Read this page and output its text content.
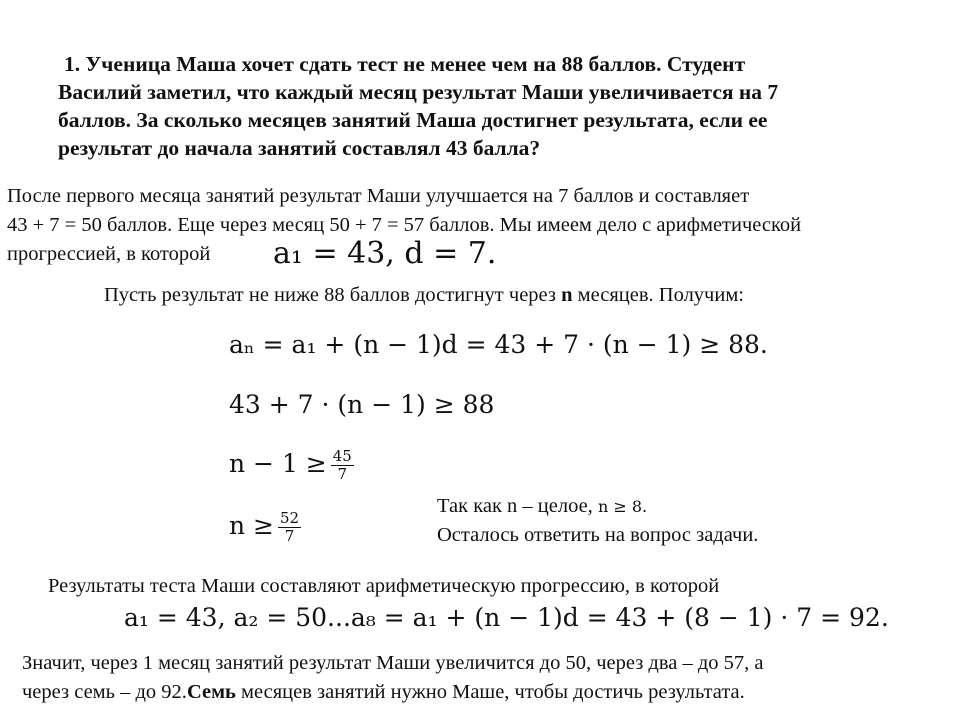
1. Ученица Маша хочет сдать тест не менее чем на 88 баллов. Студент
Василий заметил, что каждый месяц результат Маши увеличивается на 7
баллов. За сколько месяцев занятий Маша достигнет результата, если ее
результат до начала занятий составлял 43 балла?
После первого месяца занятий результат Маши улучшается на 7 баллов и составляет
43 + 7 = 50 баллов. Еще через месяц 50 + 7 = 57 баллов. Мы имеем дело с арифметической
прогрессией, в которой a₁ = 43, d = 7.
Пусть результат не ниже 88 баллов достигнут через n месяцев. Получим:
aₙ = a₁ + (n − 1)d = 43 + 7 · (n − 1) ≥ 88.
43 + 7 · (n − 1) ≥ 88
$n - 1 \ge \frac{45}{7}$
$n \ge \frac{52}{7}$
Так как n – целое, n ≥ 8.
Осталось ответить на вопрос задачи.
Результаты теста Маши составляют арифметическую прогрессию, в которой
a₁ = 43, a₂ = 50...a₈ = a₁ + (n − 1)d = 43 + (8 − 1) · 7 = 92.
Значит, через 1 месяц занятий результат Маши увеличится до 50, через два – до 57, а
через семь – до 92.Семь месяцев занятий нужно Маше, чтобы достичь результата.
